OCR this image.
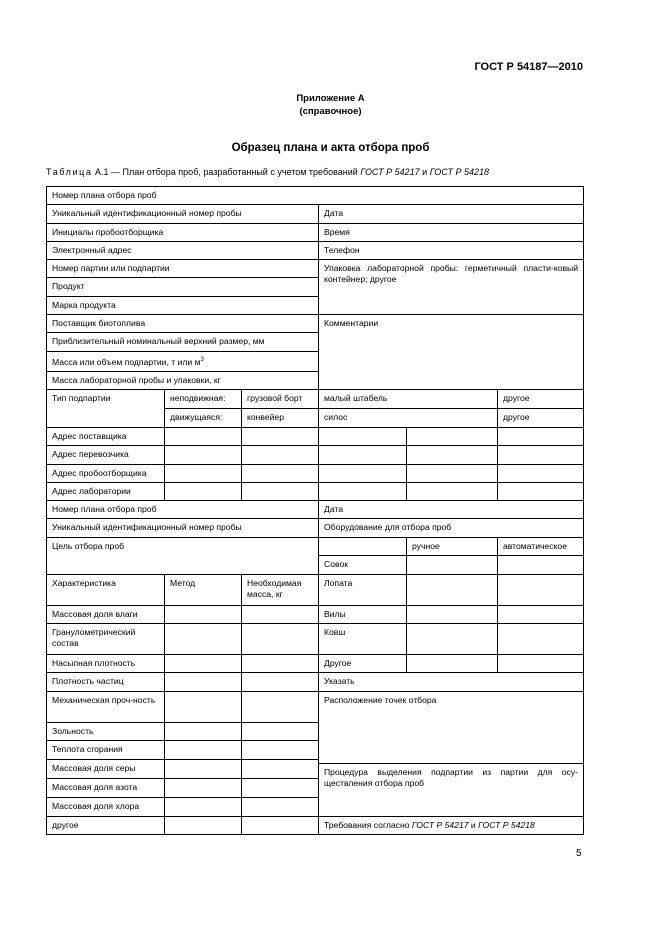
ГОСТ Р 54187—2010
Приложение А
(справочное)
Образец плана и акта отбора проб
Таблица А.1 — План отбора проб, разработанный с учетом требований ГОСТ Р 54217 и ГОСТ Р 54218
Номер плана отбора проб					
Уникальный идентификационный номер пробы			Дата		
Инициалы пробоотборщика			Время		
Электронный адрес			Телефон		
Номер партии или подпартии			Упаковка лабораторной пробы: герметичный пласти-ковый контейнер; другое		
Продукт					
Марка продукта					
Поставщик биотоплива			Комментарии		
Приблизительный номинальный верхний размер, мм					
Масса или объем подпартии, т или $м^3$
Масса лабораторной пробы и упаковки, кг					
Тип подпартии	неподвижная:	грузовой борт	малый штабель		другое
	движущаяся:	конвейер	силос		другое
Адрес поставщика					
Адрес перевозчика					
Адрес пробоотборщика					
Адрес лаборатории					
Номер плана отбора проб			Дата		
Уникальный идентификационный номер пробы			Оборудование для отбора проб		
Цель отбора проб				ручное	автоматическое
			Совок		
Характеристика	Метод	Необходимая масса, кг	Лопата		
Массовая доля влаги			Вилы		
Гранулометрический состав			Ковш		
Насыпная плотность			Другое		
Плотность частиц			Указать		
Механическая проч-ность			Расположение точек отбора		
Зольность					
Теплота сгорания					

Массовая доля серы			Процедура выделения подпартии из партии для осу-ществления отбора проб		
Массовая доля азота					
Массовая доля хлора					
другое			Требования согласно ГОСТ Р 54217 и ГОСТ Р 54218		
5
